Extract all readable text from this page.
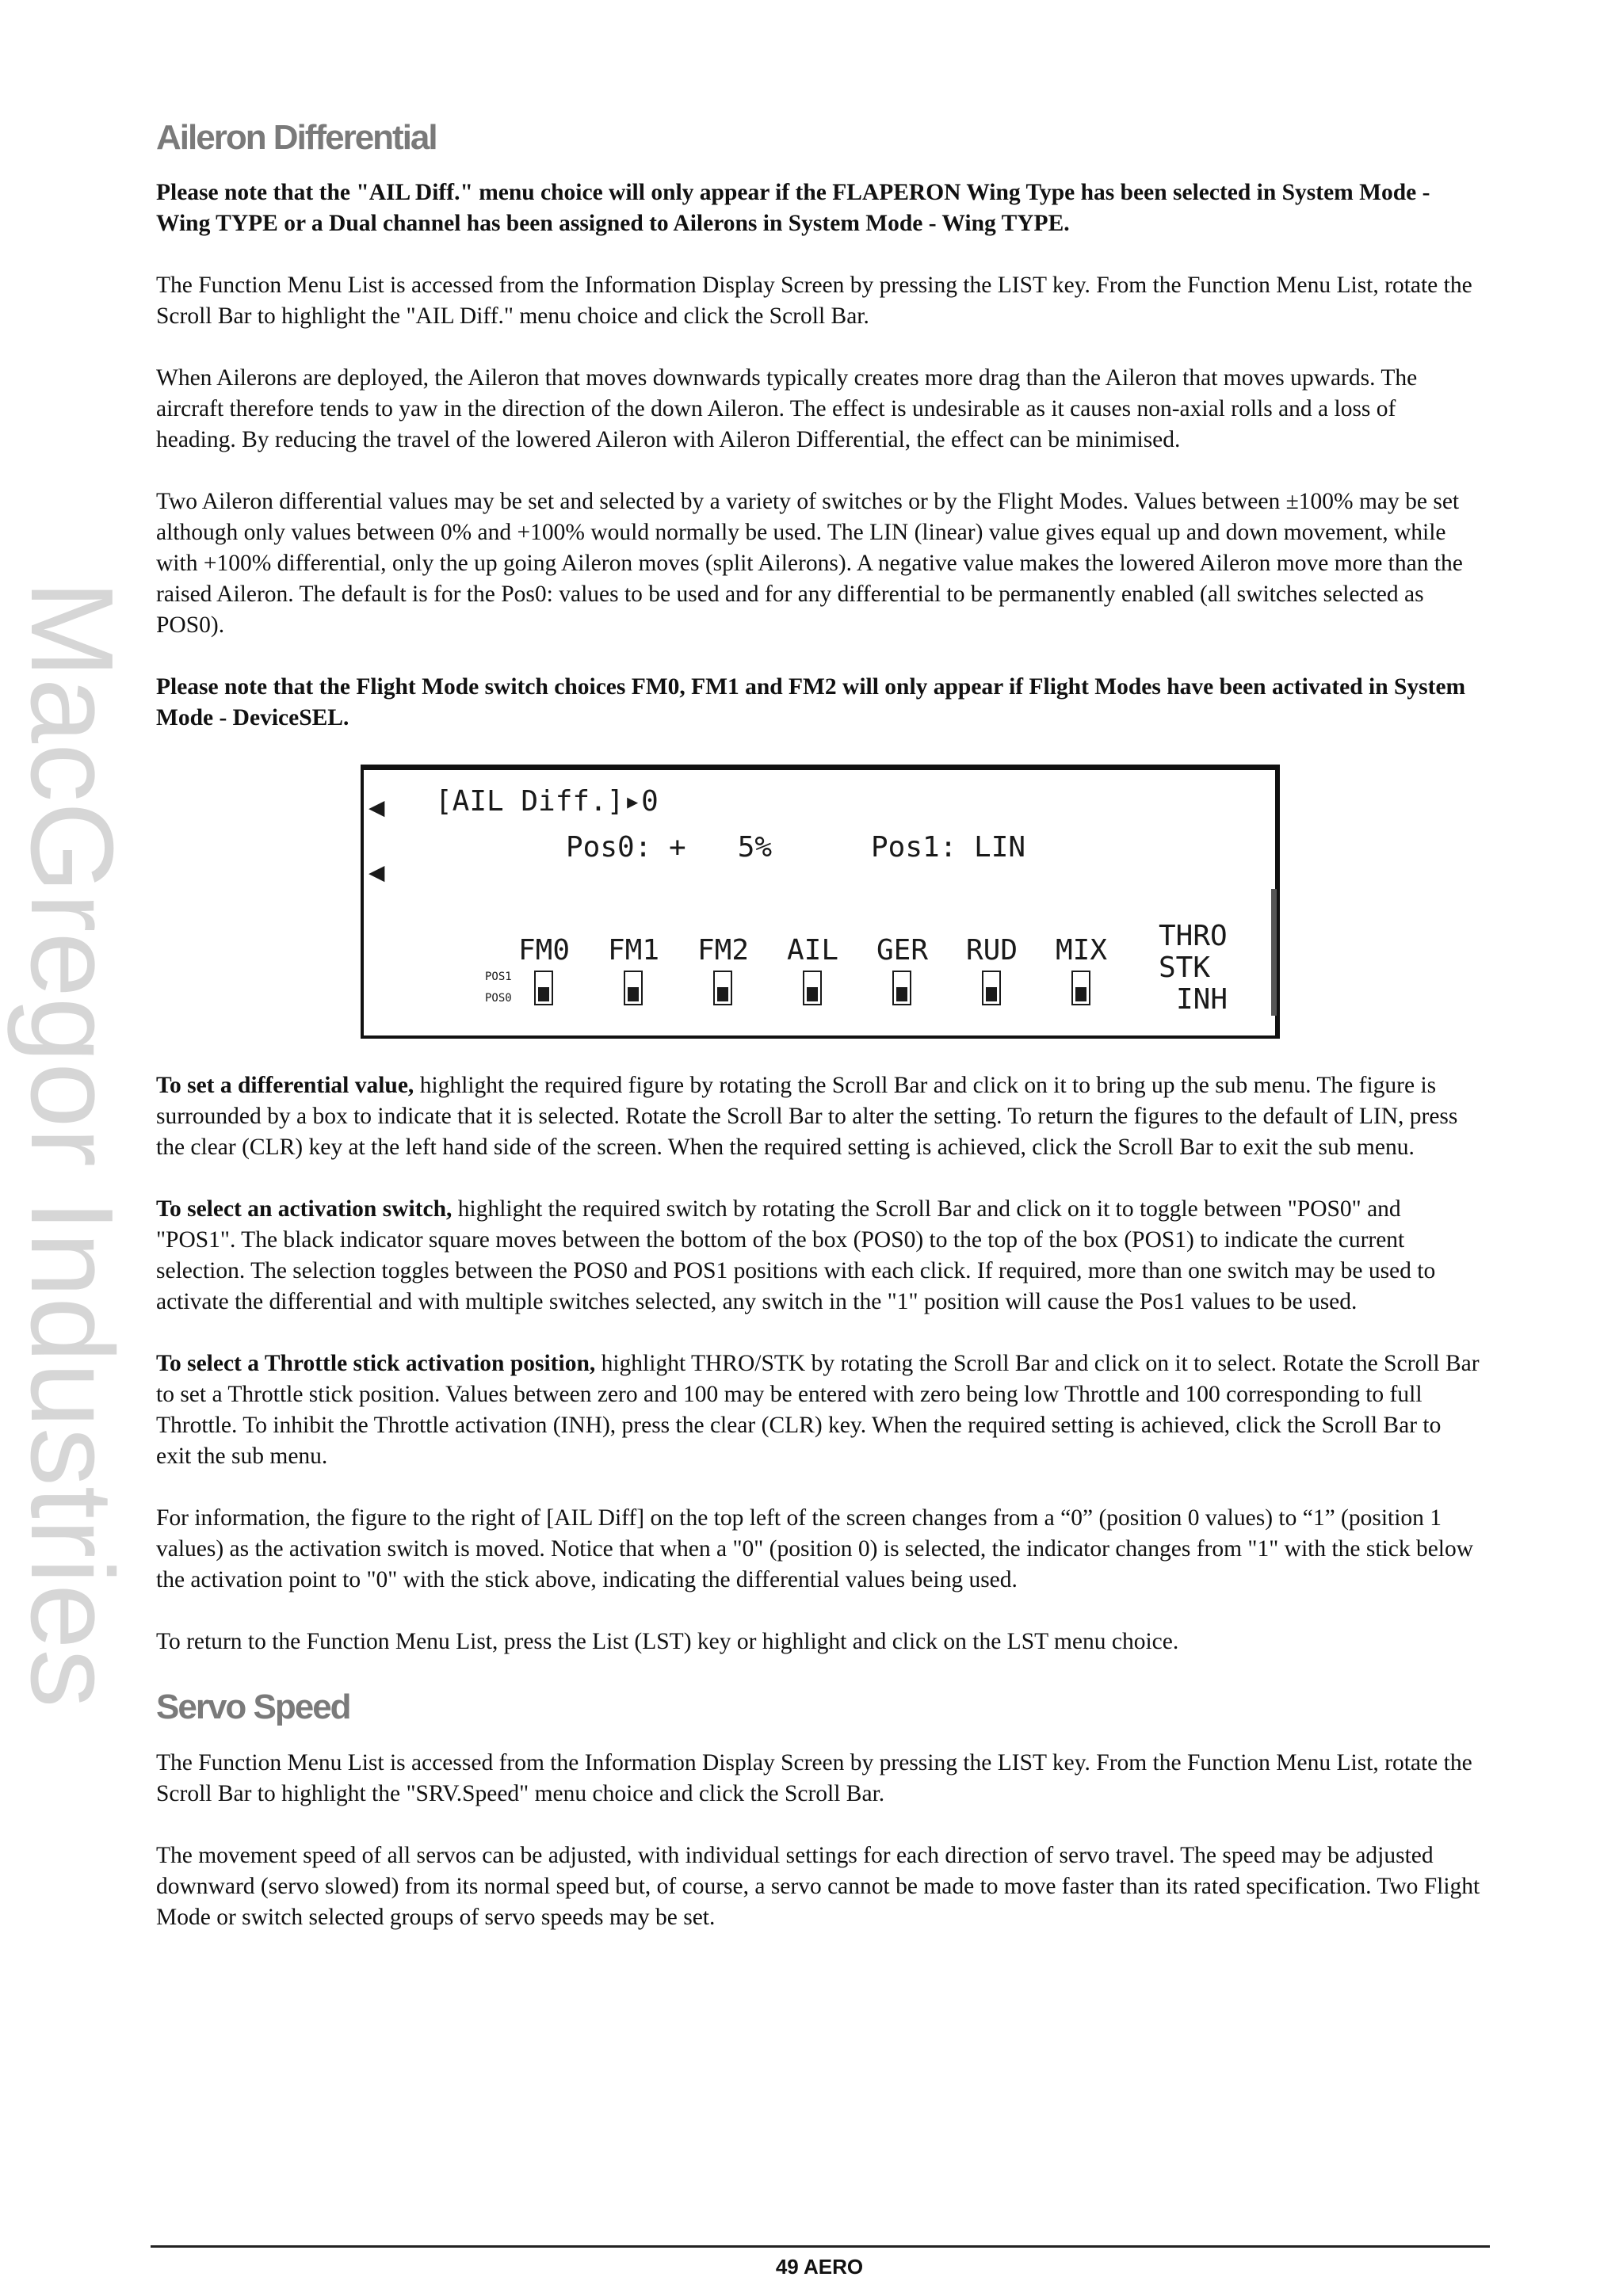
MacGregor Industries
Aileron Differential

Please note that the "AIL Diff." menu choice will only appear if the FLAPERON Wing Type has been selected in System Mode - Wing TYPE or a Dual channel has been assigned to Ailerons in System Mode - Wing TYPE.

The Function Menu List is accessed from the Information Display Screen by pressing the LIST key. From the Function Menu List, rotate the Scroll Bar to highlight the "AIL Diff." menu choice and click the Scroll Bar.

When Ailerons are deployed, the Aileron that moves downwards typically creates more drag than the Aileron that moves upwards. The aircraft therefore tends to yaw in the direction of the down Aileron. The effect is undesirable as it causes non-axial rolls and a loss of heading. By reducing the travel of the lowered Aileron with Aileron Differential, the effect can be minimised.

Two Aileron differential values may be set and selected by a variety of switches or by the Flight Modes. Values between ±100% may be set although only values between 0% and +100% would normally be used. The LIN (linear) value gives equal up and down movement, while with +100% differential, only the up going Aileron moves (split Ailerons). A negative value makes the lowered Aileron move more than the raised Aileron. The default is for the Pos0: values to be used and for any differential to be permanently enabled (all switches selected as POS0).

Please note that the Flight Mode switch choices FM0, FM1 and FM2 will only appear if Flight Modes have been activated in System Mode - DeviceSEL.

◀
◀
[AIL Diff.]▸0
Pos0: +   5%	Pos1: LIN
FM0 FM1 FM2 AIL GER RUD MIX
POS1
POS0
THRO
STK
INH

To set a differential value, highlight the required figure by rotating the Scroll Bar and click on it to bring up the sub menu. The figure is surrounded by a box to indicate that it is selected. Rotate the Scroll Bar to alter the setting. To return the figures to the default of LIN, press the clear (CLR) key at the left hand side of the screen. When the required setting is achieved, click the Scroll Bar to exit the sub menu.

To select an activation switch, highlight the required switch by rotating the Scroll Bar and click on it to toggle between "POS0" and "POS1". The black indicator square moves between the bottom of the box (POS0) to the top of the box (POS1) to indicate the current selection. The selection toggles between the POS0 and POS1 positions with each click. If required, more than one switch may be used to activate the differential and with multiple switches selected, any switch in the "1" position will cause the Pos1 values to be used.

To select a Throttle stick activation position, highlight THRO/STK by rotating the Scroll Bar and click on it to select. Rotate the Scroll Bar to set a Throttle stick position. Values between zero and 100 may be entered with zero being low Throttle and 100 corresponding to full Throttle. To inhibit the Throttle activation (INH), press the clear (CLR) key. When the required setting is achieved, click the Scroll Bar to exit the sub menu.

For information, the figure to the right of [AIL Diff] on the top left of the screen changes from a “0” (position 0 values) to “1” (position 1 values) as the activation switch is moved. Notice that when a "0" (position 0) is selected, the indicator changes from "1" with the stick below the activation point to "0" with the stick above, indicating the differential values being used.

To return to the Function Menu List, press the List (LST) key or highlight and click on the LST menu choice.

Servo Speed

The Function Menu List is accessed from the Information Display Screen by pressing the LIST key. From the Function Menu List, rotate the Scroll Bar to highlight the "SRV.Speed" menu choice and click the Scroll Bar.

The movement speed of all servos can be adjusted, with individual settings for each direction of servo travel. The speed may be adjusted downward (servo slowed) from its normal speed but, of course, a servo cannot be made to move faster than its rated specification. Two Flight Mode or switch selected groups of servo speeds may be set.

49 AERO
